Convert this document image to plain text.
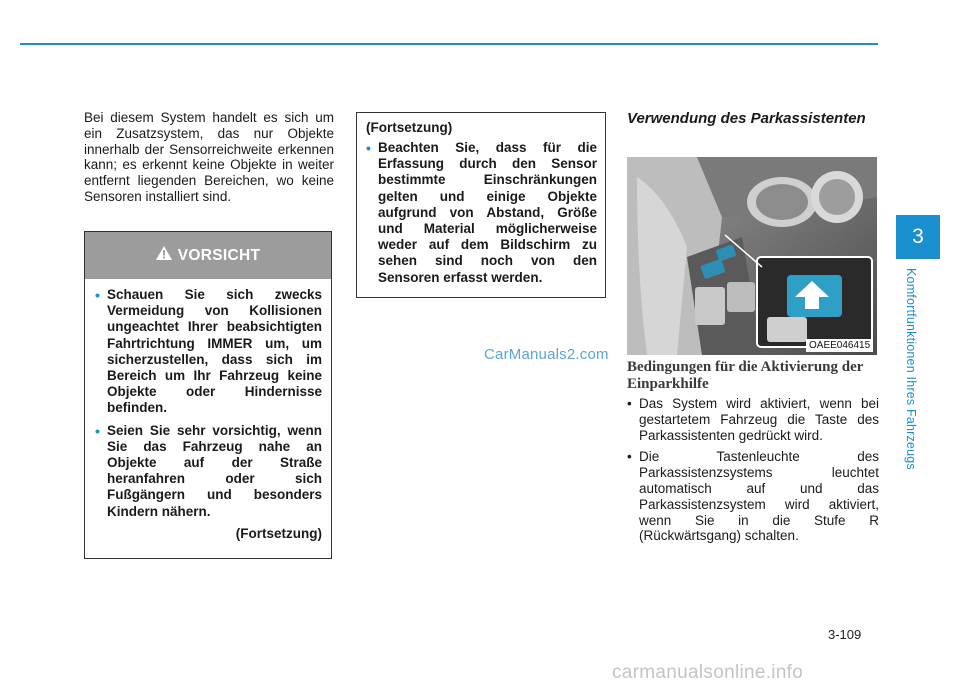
Bei diesem System handelt es sich um ein Zusatzsystem, das nur Objekte innerhalb der Sensorreichweite erkennen kann; es erkennt keine Objekte in weiter entfernt liegenden Bereichen, wo keine Sensoren installiert sind.

VORSICHT
• Schauen Sie sich zwecks Vermeidung von Kollisionen ungeachtet Ihrer beabsichtigten Fahrtrichtung IMMER um, um sicherzustellen, dass sich im Bereich um Ihr Fahrzeug keine Objekte oder Hindernisse befinden.
• Seien Sie sehr vorsichtig, wenn Sie das Fahrzeug nahe an Objekte auf der Straße heranfahren oder sich Fußgängern und besonders Kindern nähern.
(Fortsetzung)
(Fortsetzung)
• Beachten Sie, dass für die Erfassung durch den Sensor bestimmte Einschränkungen gelten und einige Objekte aufgrund von Abstand, Größe und Material möglicherweise weder auf dem Bildschirm zu sehen sind noch von den Sensoren erfasst werden.
CarManuals2.com

Verwendung des Parkassistenten

OAEE046415
Bedingungen für die Aktivierung der Einparkhilfe
• Das System wird aktiviert, wenn bei gestartetem Fahrzeug die Taste des Parkassistenten gedrückt wird.
• Die Tastenleuchte des Parkassistenzsystems leuchtet automatisch auf und das Parkassistenzsystem wird aktiviert, wenn Sie in die Stufe R (Rückwärtsgang) schalten.
3
Komfortfunktionen Ihres Fahrzeugs
3-109
carmanualsonline.info
